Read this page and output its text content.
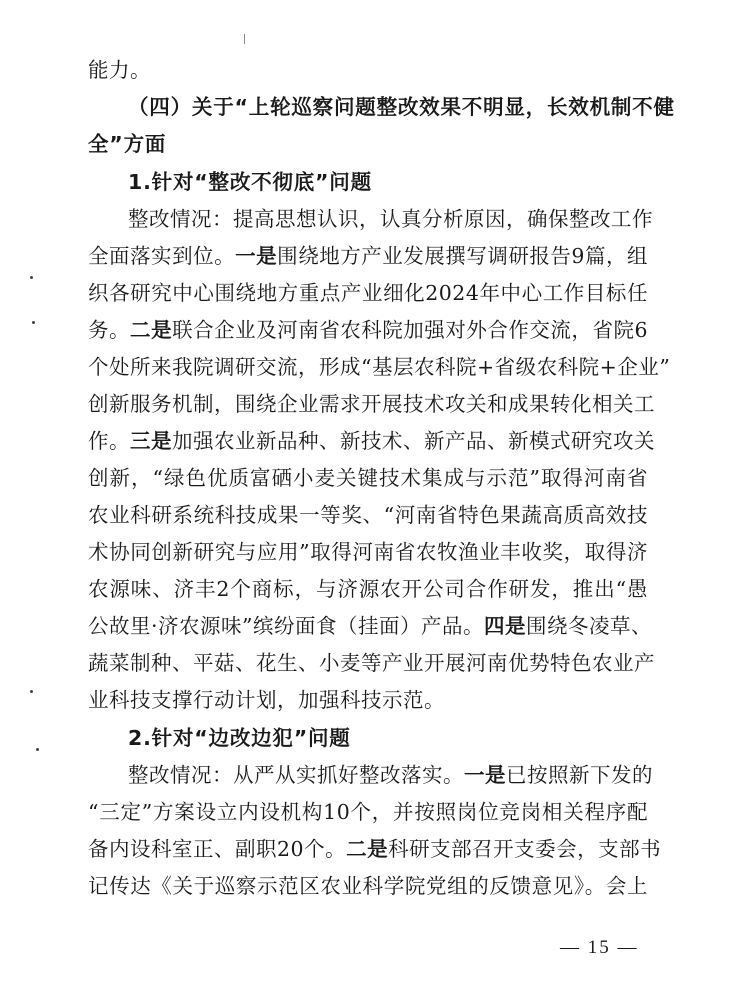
能力。
（四）关于“上轮巡察问题整改效果不明显，长效机制不健
全”方面
1.针对“整改不彻底”问题
整改情况：提高思想认识，认真分析原因，确保整改工作
全面落实到位。一是围绕地方产业发展撰写调研报告9篇，组
织各研究中心围绕地方重点产业细化2024年中心工作目标任
务。二是联合企业及河南省农科院加强对外合作交流，省院6
个处所来我院调研交流，形成“基层农科院+省级农科院+企业”
创新服务机制，围绕企业需求开展技术攻关和成果转化相关工
作。三是加强农业新品种、新技术、新产品、新模式研究攻关
创新，“绿色优质富硒小麦关键技术集成与示范”取得河南省
农业科研系统科技成果一等奖、“河南省特色果蔬高质高效技
术协同创新研究与应用”取得河南省农牧渔业丰收奖，取得济
农源味、济丰2个商标，与济源农开公司合作研发，推出“愚
公故里·济农源味”缤纷面食（挂面）产品。四是围绕冬凌草、
蔬菜制种、平菇、花生、小麦等产业开展河南优势特色农业产
业科技支撑行动计划，加强科技示范。
2.针对“边改边犯”问题
整改情况：从严从实抓好整改落实。一是已按照新下发的
“三定”方案设立内设机构10个，并按照岗位竞岗相关程序配
备内设科室正、副职20个。二是科研支部召开支委会，支部书
记传达《关于巡察示范区农业科学院党组的反馈意见》。会上
— 15 —
